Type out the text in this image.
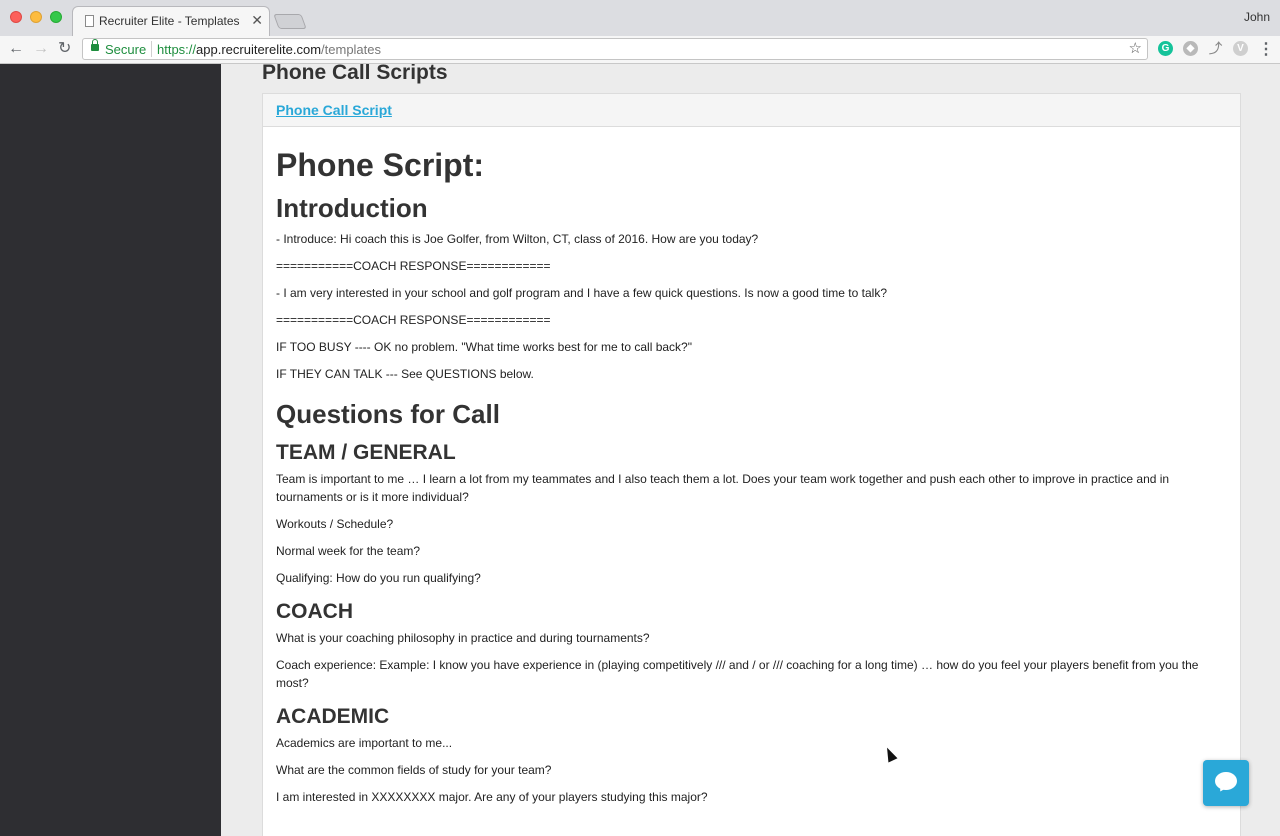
Recruiter Elite - Templates ✕	John
← → ↻	Secure https://app.recruiterelite.com/templates	☆	G	◆ ⤴	V ⋮
Phone Call Scripts
Phone Call Script
Phone Script:
Introduction

- Introduce: Hi coach this is Joe Golfer, from Wilton, CT, class of 2016. How are you today?

===========COACH RESPONSE============

- I am very interested in your school and golf program and I have a few quick questions. Is now a good time to talk?

===========COACH RESPONSE============

IF TOO BUSY ---- OK no problem. "What time works best for me to call back?"

IF THEY CAN TALK --- See QUESTIONS below.

Questions for Call
TEAM / GENERAL

Team is important to me … I learn a lot from my teammates and I also teach them a lot. Does your team work together and push each other to improve in practice and in tournaments or is it more individual?

Workouts / Schedule?

Normal week for the team?

Qualifying: How do you run qualifying?

COACH

What is your coaching philosophy in practice and during tournaments?

Coach experience: Example: I know you have experience in (playing competitively /// and / or /// coaching for a long time) … how do you feel your players benefit from you the most?

ACADEMIC

Academics are important to me...

What are the common fields of study for your team?

I am interested in XXXXXXXX major. Are any of your players studying this major?
